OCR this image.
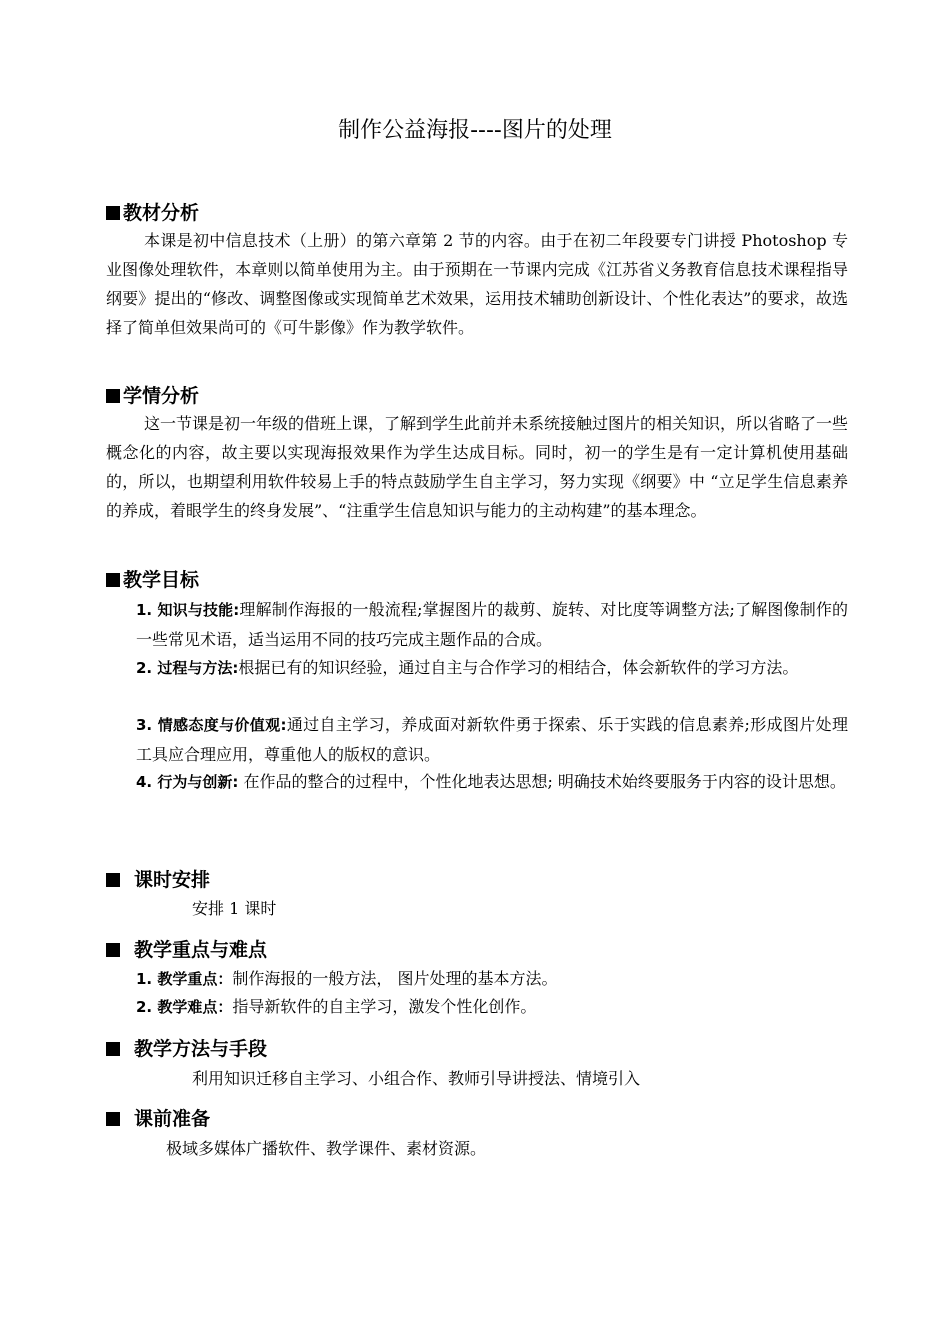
制作公益海报----图片的处理
教材分析
本课是初中信息技术（上册）的第六章第 2 节的内容。由于在初二年段要专门讲授 Photoshop 专业图像处理软件，本章则以简单使用为主。由于预期在一节课内完成《江苏省义务教育信息技术课程指导纲要》提出的“修改、调整图像或实现简单艺术效果，运用技术辅助创新设计、个性化表达”的要求，故选择了简单但效果尚可的《可牛影像》作为教学软件。
学情分析
这一节课是初一年级的借班上课，了解到学生此前并未系统接触过图片的相关知识，所以省略了一些概念化的内容，故主要以实现海报效果作为学生达成目标。同时，初一的学生是有一定计算机使用基础的，所以，也期望利用软件较易上手的特点鼓励学生自主学习，努力实现《纲要》中 “立足学生信息素养的养成，着眼学生的终身发展”、“注重学生信息知识与能力的主动构建”的基本理念。
教学目标
1. 知识与技能:理解制作海报的一般流程;掌握图片的裁剪、旋转、对比度等调整方法;了解图像制作的一些常见术语，适当运用不同的技巧完成主题作品的合成。
2. 过程与方法:根据已有的知识经验，通过自主与合作学习的相结合，体会新软件的学习方法。
3. 情感态度与价值观:通过自主学习，养成面对新软件勇于探索、乐于实践的信息素养;形成图片处理工具应合理应用，尊重他人的版权的意识。
4. 行为与创新: 在作品的整合的过程中，个性化地表达思想; 明确技术始终要服务于内容的设计思想。
课时安排
安排 1 课时
教学重点与难点
1. 教学重点：制作海报的一般方法， 图片处理的基本方法。
2. 教学难点：指导新软件的自主学习，激发个性化创作。
教学方法与手段
利用知识迁移自主学习、小组合作、教师引导讲授法、情境引入
课前准备
极域多媒体广播软件、教学课件、素材资源。
